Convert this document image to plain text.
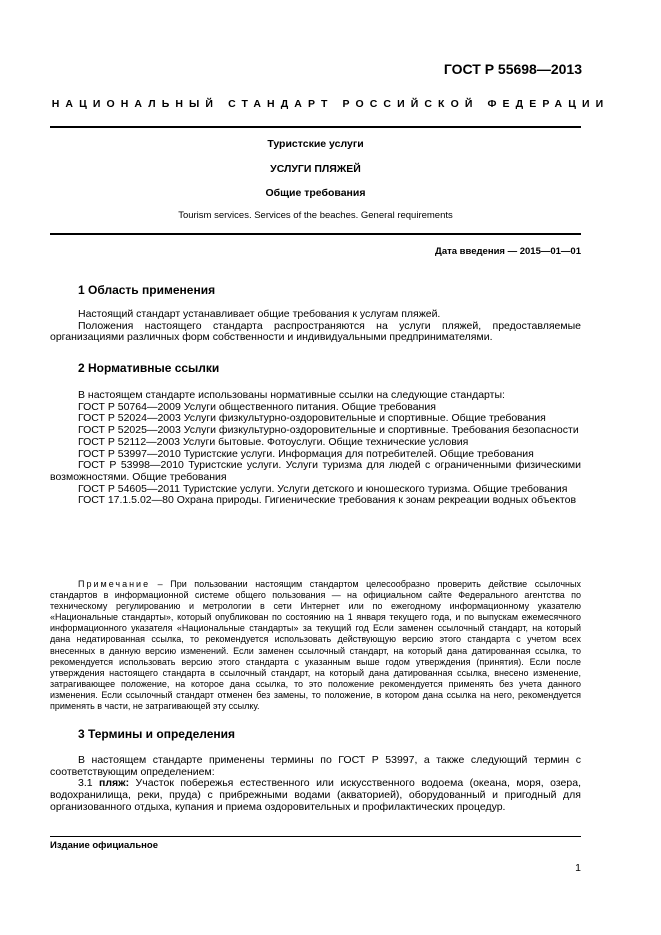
ГОСТ Р 55698—2013
НАЦИОНАЛЬНЫЙ СТАНДАРТ РОССИЙСКОЙ ФЕДЕРАЦИИ
Туристские услуги
УСЛУГИ ПЛЯЖЕЙ
Общие требования
Tourism services. Services of the beaches. General requirements
Дата введения — 2015—01—01
1 Область применения

Настоящий стандарт устанавливает общие требования к услугам пляжей.

Положения настоящего стандарта распространяются на услуги пляжей, предоставляемые организациями различных форм собственности и индивидуальными предпринимателями.

2 Нормативные ссылки

В настоящем стандарте использованы нормативные ссылки на следующие стандарты:

ГОСТ Р 50764—2009 Услуги общественного питания. Общие требования

ГОСТ Р 52024—2003 Услуги физкультурно-оздоровительные и спортивные. Общие требования

ГОСТ Р 52025—2003 Услуги физкультурно-оздоровительные и спортивные. Требования безопасности

ГОСТ Р 52112—2003 Услуги бытовые. Фотоуслуги. Общие технические условия

ГОСТ Р 53997—2010 Туристские услуги. Информация для потребителей. Общие требования

ГОСТ Р 53998—2010 Туристские услуги. Услуги туризма для людей с ограниченными физическими возможностями. Общие требования

ГОСТ Р 54605—2011 Туристские услуги. Услуги детского и юношеского туризма. Общие требования

ГОСТ 17.1.5.02—80 Охрана природы. Гигиенические требования к зонам рекреации водных объектов

Примечание – При пользовании настоящим стандартом целесообразно проверить действие ссылочных стандартов в информационной системе общего пользования — на официальном сайте Федерального агентства по техническому регулированию и метрологии в сети Интернет или по ежегодному информационному указателю «Национальные стандарты», который опубликован по состоянию на 1 января текущего года, и по выпускам ежемесячного информационного указателя «Национальные стандарты» за текущий год Если заменен ссылочный стандарт, на который дана недатированная ссылка, то рекомендуется использовать действующую версию этого стандарта с учетом всех внесенных в данную версию изменений. Если заменен ссылочный стандарт, на который дана датированная ссылка, то рекомендуется использовать версию этого стандарта с указанным выше годом утверждения (принятия). Если после утверждения настоящего стандарта в ссылочный стандарт, на который дана датированная ссылка, внесено изменение, затрагивающее положение, на которое дана ссылка, то это положение рекомендуется применять без учета данного изменения. Если ссылочный стандарт отменен без замены, то положение, в котором дана ссылка на него, рекомендуется применять в части, не затрагивающей эту ссылку.
3 Термины и определения

В настоящем стандарте применены термины по ГОСТ Р 53997, а также следующий термин с соответствующим определением:

3.1 пляж: Участок побережья естественного или искусственного водоема (океана, моря, озера, водохранилища, реки, пруда) с прибрежными водами (акваторией), оборудованный и пригодный для организованного отдыха, купания и приема оздоровительных и профилактических процедур.

Издание официальное
1
